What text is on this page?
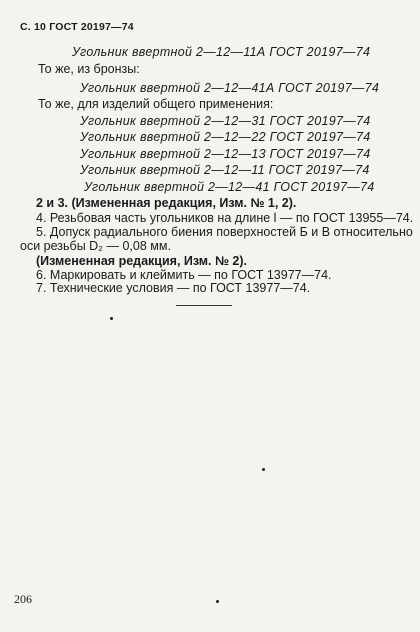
С. 10 ГОСТ 20197—74
Угольник ввертной 2—12—11А ГОСТ 20197—74
То же, из бронзы:
Угольник ввертной 2—12—41А ГОСТ 20197—74
То же, для изделий общего применения:
Угольник ввертной 2—12—31 ГОСТ 20197—74
Угольник ввертной 2—12—22 ГОСТ 20197—74
Угольник ввертной 2—12—13 ГОСТ 20197—74
Угольник ввертной 2—12—11 ГОСТ 20197—74
Угольник ввертной 2—12—41 ГОСТ 20197—74
2 и 3. (Измененная редакция, Изм. № 1, 2).
4. Резьбовая часть угольников на длине l — по ГОСТ 13955—74.
5. Допуск радиального биения поверхностей Б и В относительно
оси резьбы D₂ — 0,08 мм.
(Измененная редакция, Изм. № 2).
6. Маркировать и клеймить — по ГОСТ 13977—74.
7. Технические условия — по ГОСТ 13977—74.
206
